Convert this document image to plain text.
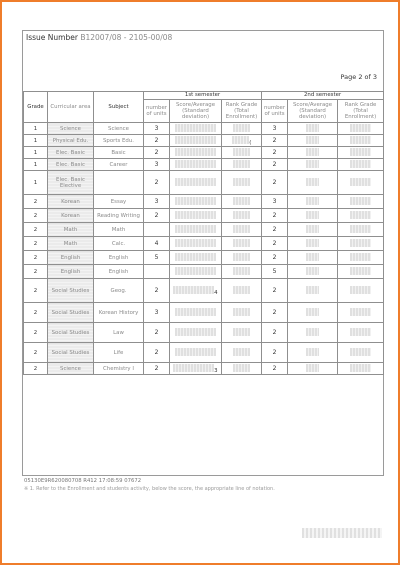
Issue Number B12007/08 - 2105-00/08
Page 2 of 3
Grade	Curricular area	Subject	1st semester			2nd semester		
			number of units	Score/Average (Standard deviation)	Rank Grade (Total Enrollment)	number of units	Score/Average (Standard deviation)	Rank Grade (Total Enrollment)
1	Science	Science	3			3		
1	Physical Edu.	Sports Edu.	2		(	2		
1	Elec. Basic	Basic	2			2		
1	Elec. Basic	Career	3			2		
1	Elec. Basic Elective		2			2		
2	Korean	Essay	3			3		
2	Korean	Reading Writing	2			2		
2	Math	Math				2		
2	Math	Calc.	4			2		
2	English	English	5			2		
2	English	English				5		
2	Social Studies	Geog.	2	4		2		
2	Social Studies	Korean History	3			2		
2	Social Studies	Law	2			2		
2	Social Studies	Life	2			2		
2	Science	Chemistry I	2	3		2		
05130E9R620080708 R412 17:08:59 07672
※ 1. Refer to the Enrollment and students activity, below the score, the appropriate line of notation.
